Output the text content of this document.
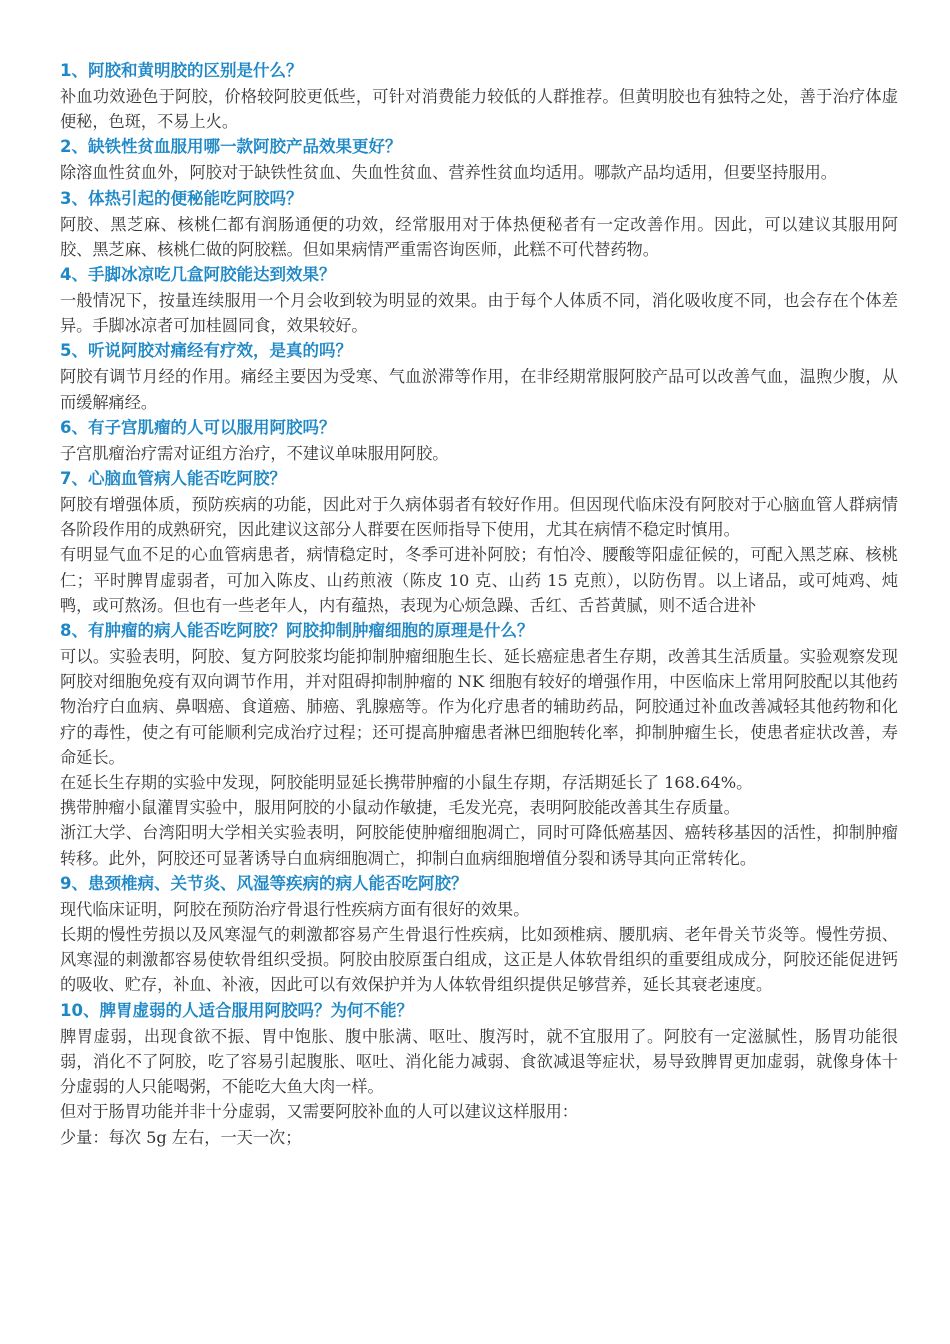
1、阿胶和黄明胶的区别是什么？

补血功效逊色于阿胶，价格较阿胶更低些，可针对消费能力较低的人群推荐。但黄明胶也有独特之处，善于治疗体虚便秘，色斑，不易上火。

2、缺铁性贫血服用哪一款阿胶产品效果更好？

除溶血性贫血外，阿胶对于缺铁性贫血、失血性贫血、营养性贫血均适用。哪款产品均适用，但要坚持服用。

3、体热引起的便秘能吃阿胶吗？

阿胶、黑芝麻、核桃仁都有润肠通便的功效，经常服用对于体热便秘者有一定改善作用。因此，可以建议其服用阿胶、黑芝麻、核桃仁做的阿胶糕。但如果病情严重需咨询医师，此糕不可代替药物。

4、手脚冰凉吃几盒阿胶能达到效果？

一般情况下，按量连续服用一个月会收到较为明显的效果。由于每个人体质不同，消化吸收度不同，也会存在个体差异。手脚冰凉者可加桂圆同食，效果较好。

5、听说阿胶对痛经有疗效，是真的吗？

阿胶有调节月经的作用。痛经主要因为受寒、气血淤滞等作用，在非经期常服阿胶产品可以改善气血，温煦少腹，从而缓解痛经。

6、有子宫肌瘤的人可以服用阿胶吗？

子宫肌瘤治疗需对证组方治疗，不建议单味服用阿胶。

7、心脑血管病人能否吃阿胶？

阿胶有增强体质，预防疾病的功能，因此对于久病体弱者有较好作用。但因现代临床没有阿胶对于心脑血管人群病情各阶段作用的成熟研究，因此建议这部分人群要在医师指导下使用，尤其在病情不稳定时慎用。

有明显气血不足的心血管病患者，病情稳定时，冬季可进补阿胶；有怕冷、腰酸等阳虚征候的，可配入黑芝麻、核桃仁；平时脾胃虚弱者，可加入陈皮、山药煎液（陈皮 10 克、山药 15 克煎），以防伤胃。以上诸品，或可炖鸡、炖鸭，或可熬汤。但也有一些老年人，内有蕴热，表现为心烦急躁、舌红、舌苔黄腻，则不适合进补

8、有肿瘤的病人能否吃阿胶？阿胶抑制肿瘤细胞的原理是什么？

可以。实验表明，阿胶、复方阿胶浆均能抑制肿瘤细胞生长、延长癌症患者生存期，改善其生活质量。实验观察发现阿胶对细胞免疫有双向调节作用，并对阻碍抑制肿瘤的 NK 细胞有较好的增强作用，中医临床上常用阿胶配以其他药物治疗白血病、鼻咽癌、食道癌、肺癌、乳腺癌等。作为化疗患者的辅助药品，阿胶通过补血改善减轻其他药物和化疗的毒性，使之有可能顺利完成治疗过程；还可提高肿瘤患者淋巴细胞转化率，抑制肿瘤生长，使患者症状改善，寿命延长。

在延长生存期的实验中发现，阿胶能明显延长携带肿瘤的小鼠生存期，存活期延长了 168.64%。

携带肿瘤小鼠灌胃实验中，服用阿胶的小鼠动作敏捷，毛发光亮，表明阿胶能改善其生存质量。

浙江大学、台湾阳明大学相关实验表明，阿胶能使肿瘤细胞凋亡，同时可降低癌基因、癌转移基因的活性，抑制肿瘤转移。此外，阿胶还可显著诱导白血病细胞凋亡，抑制白血病细胞增值分裂和诱导其向正常转化。

9、患颈椎病、关节炎、风湿等疾病的病人能否吃阿胶？

现代临床证明，阿胶在预防治疗骨退行性疾病方面有很好的效果。

长期的慢性劳损以及风寒湿气的刺激都容易产生骨退行性疾病，比如颈椎病、腰肌病、老年骨关节炎等。慢性劳损、风寒湿的刺激都容易使软骨组织受损。阿胶由胶原蛋白组成，这正是人体软骨组织的重要组成成分，阿胶还能促进钙的吸收、贮存，补血、补液，因此可以有效保护并为人体软骨组织提供足够营养，延长其衰老速度。

10、脾胃虚弱的人适合服用阿胶吗？为何不能？

脾胃虚弱，出现食欲不振、胃中饱胀、腹中胀满、呕吐、腹泻时，就不宜服用了。阿胶有一定滋腻性，肠胃功能很弱，消化不了阿胶，吃了容易引起腹胀、呕吐、消化能力减弱、食欲减退等症状，易导致脾胃更加虚弱，就像身体十分虚弱的人只能喝粥，不能吃大鱼大肉一样。

但对于肠胃功能并非十分虚弱，又需要阿胶补血的人可以建议这样服用：

少量：每次 5g 左右，一天一次；
